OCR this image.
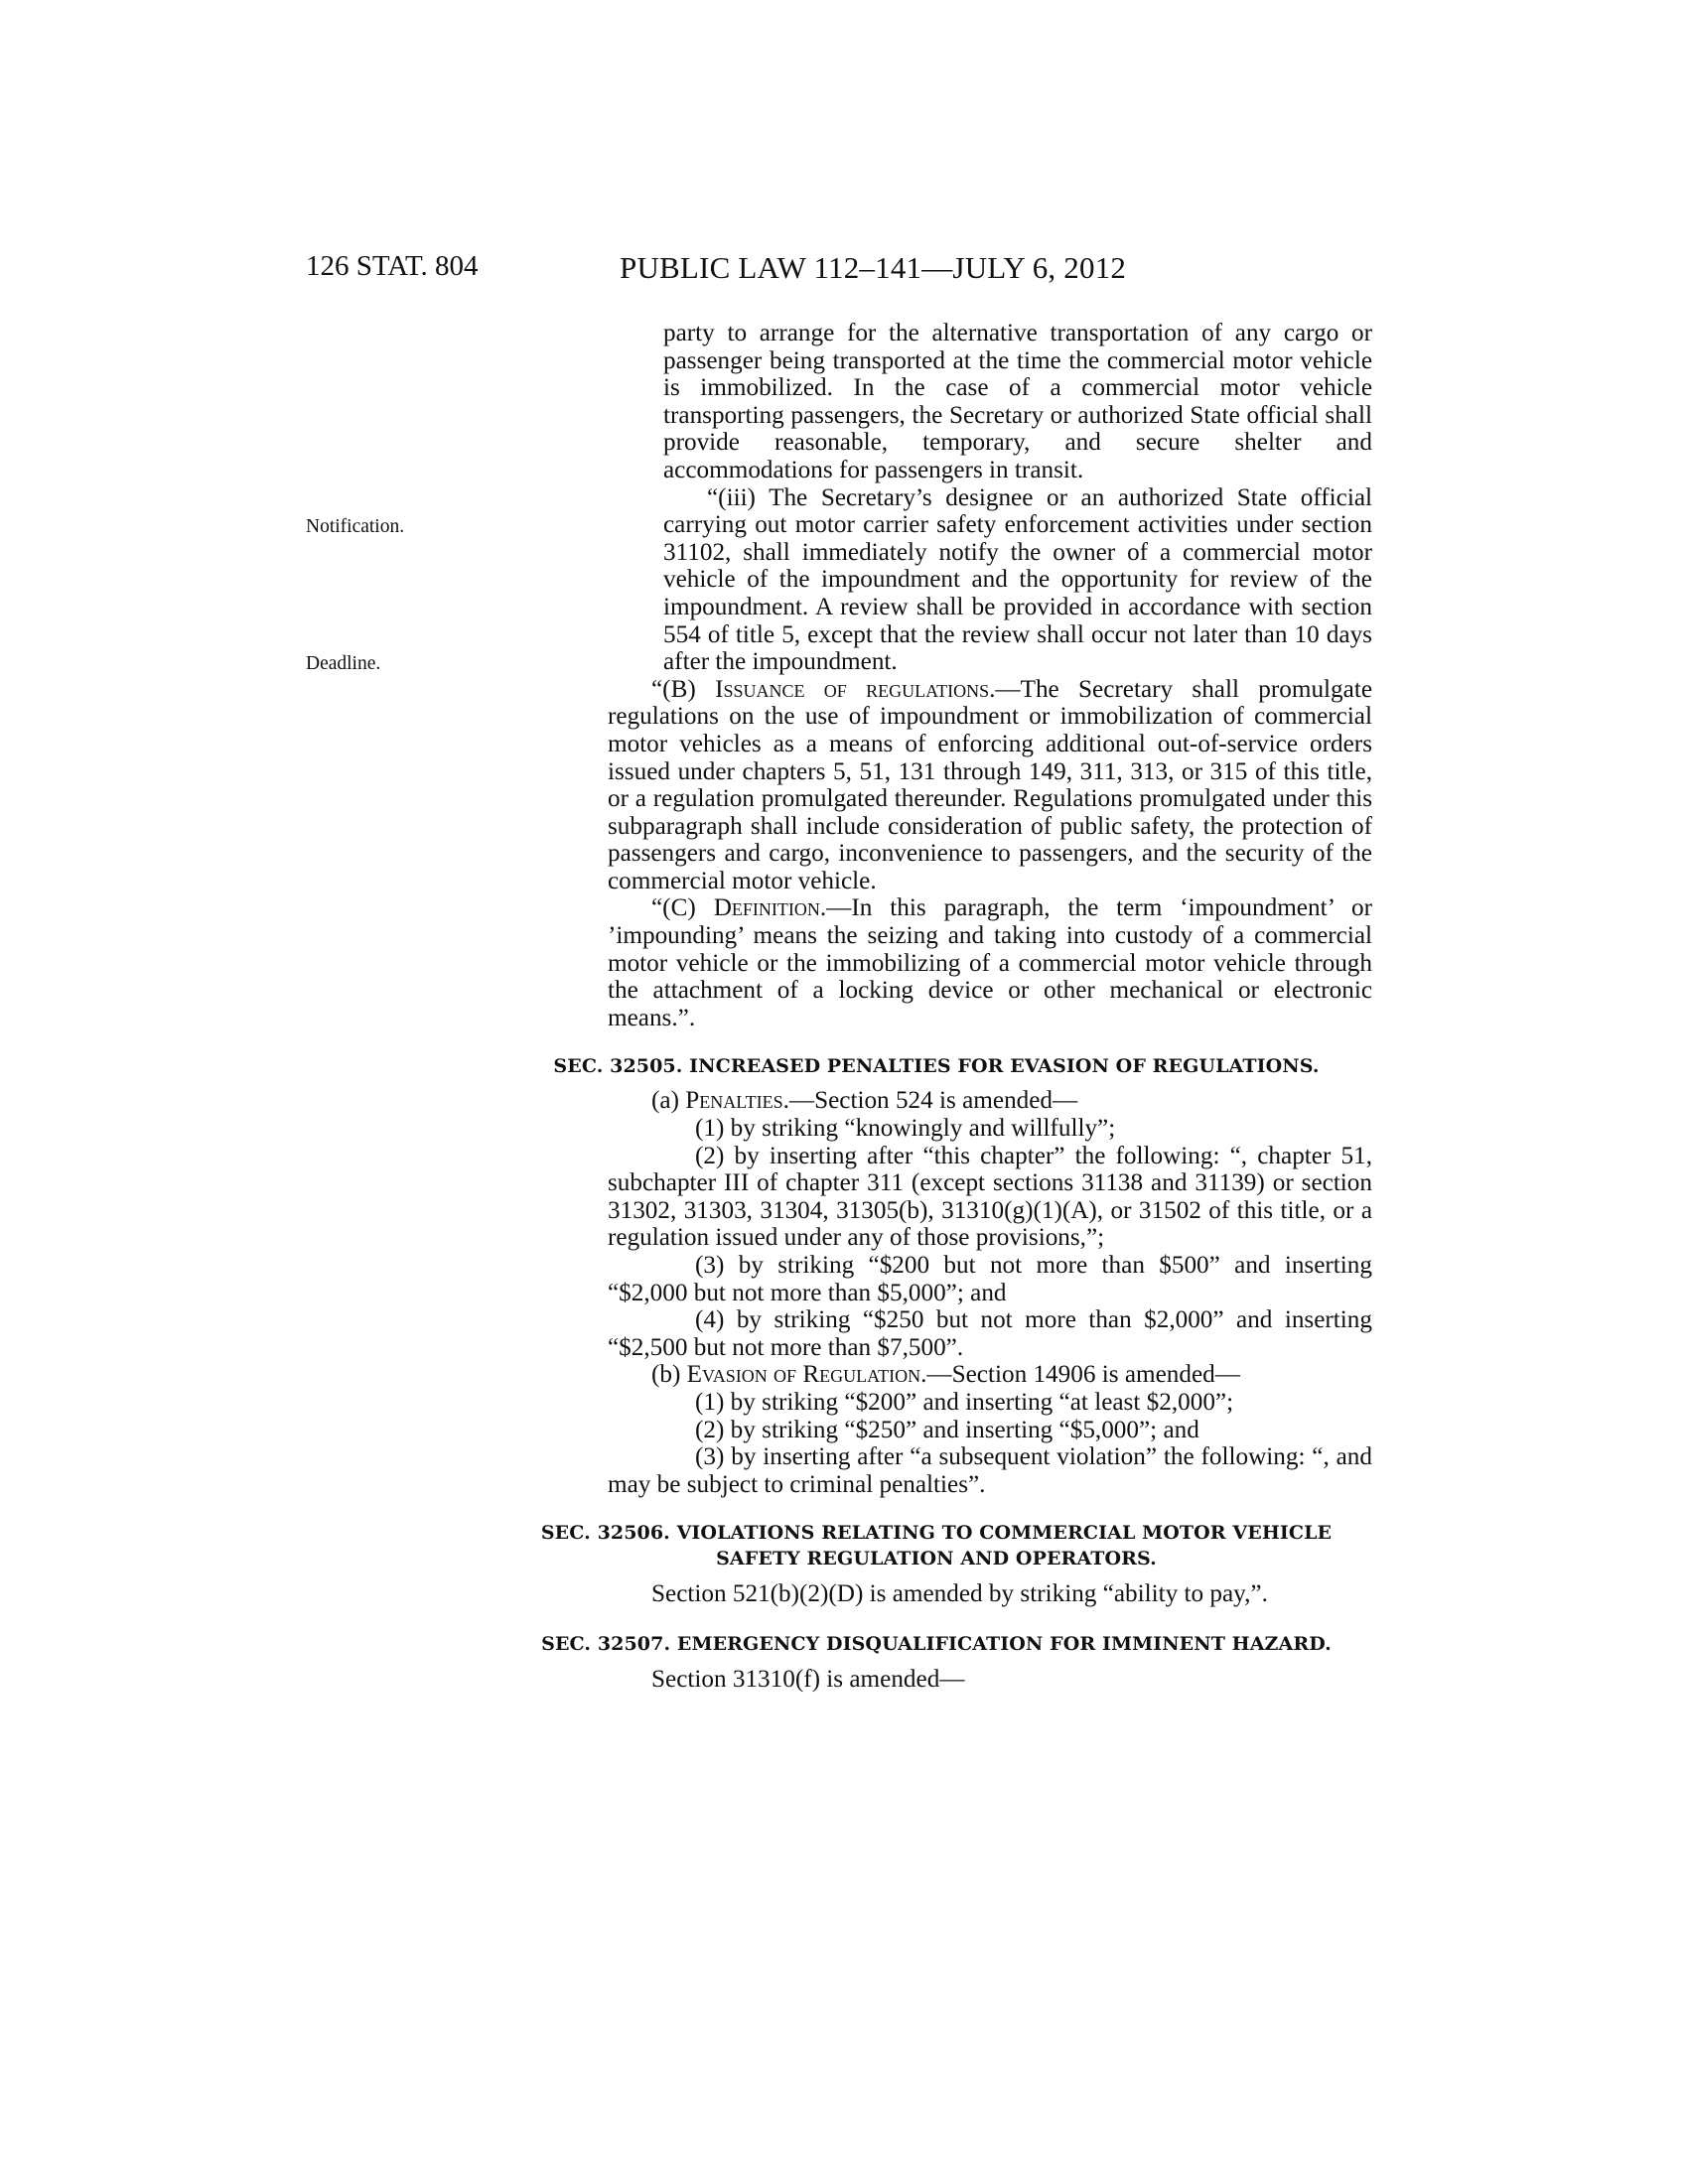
126 STAT. 804	PUBLIC LAW 112–141—JULY 6, 2012
Notification.
Deadline.

party to arrange for the alternative transportation of any cargo or passenger being transported at the time the commercial motor vehicle is immobilized. In the case of a commercial motor vehicle transporting passengers, the Secretary or authorized State official shall provide reasonable, temporary, and secure shelter and accommodations for passengers in transit.

“(iii) The Secretary’s designee or an authorized State official carrying out motor carrier safety enforcement activities under section 31102, shall immediately notify the owner of a commercial motor vehicle of the impoundment and the opportunity for review of the impoundment. A review shall be provided in accordance with section 554 of title 5, except that the review shall occur not later than 10 days after the impoundment.

“(B) Issuance of regulations.—The Secretary shall promulgate regulations on the use of impoundment or immobilization of commercial motor vehicles as a means of enforcing additional out-of-service orders issued under chapters 5, 51, 131 through 149, 311, 313, or 315 of this title, or a regulation promulgated thereunder. Regulations promulgated under this subparagraph shall include consideration of public safety, the protection of passengers and cargo, inconvenience to passengers, and the security of the commercial motor vehicle.

“(C) Definition.—In this paragraph, the term ‘impoundment’ or ’impounding’ means the seizing and taking into custody of a commercial motor vehicle or the immobilizing of a commercial motor vehicle through the attachment of a locking device or other mechanical or electronic means.”.

SEC. 32505. INCREASED PENALTIES FOR EVASION OF REGULATIONS.

(a) Penalties.—Section 524 is amended—

(1) by striking “knowingly and willfully”;

(2) by inserting after “this chapter” the following: “, chapter 51, subchapter III of chapter 311 (except sections 31138 and 31139) or section 31302, 31303, 31304, 31305(b), 31310(g)(1)(A), or 31502 of this title, or a regulation issued under any of those provisions,”;

(3) by striking “$200 but not more than $500” and inserting “$2,000 but not more than $5,000”; and

(4) by striking “$250 but not more than $2,000” and inserting “$2,500 but not more than $7,500”.

(b) Evasion of Regulation.—Section 14906 is amended—

(1) by striking “$200” and inserting “at least $2,000”;

(2) by striking “$250” and inserting “$5,000”; and

(3) by inserting after “a subsequent violation” the following: “, and may be subject to criminal penalties”.

SEC. 32506. VIOLATIONS RELATING TO COMMERCIAL MOTOR VEHICLE
SAFETY REGULATION AND OPERATORS.

Section 521(b)(2)(D) is amended by striking “ability to pay,”.

SEC. 32507. EMERGENCY DISQUALIFICATION FOR IMMINENT HAZARD.

Section 31310(f) is amended—
